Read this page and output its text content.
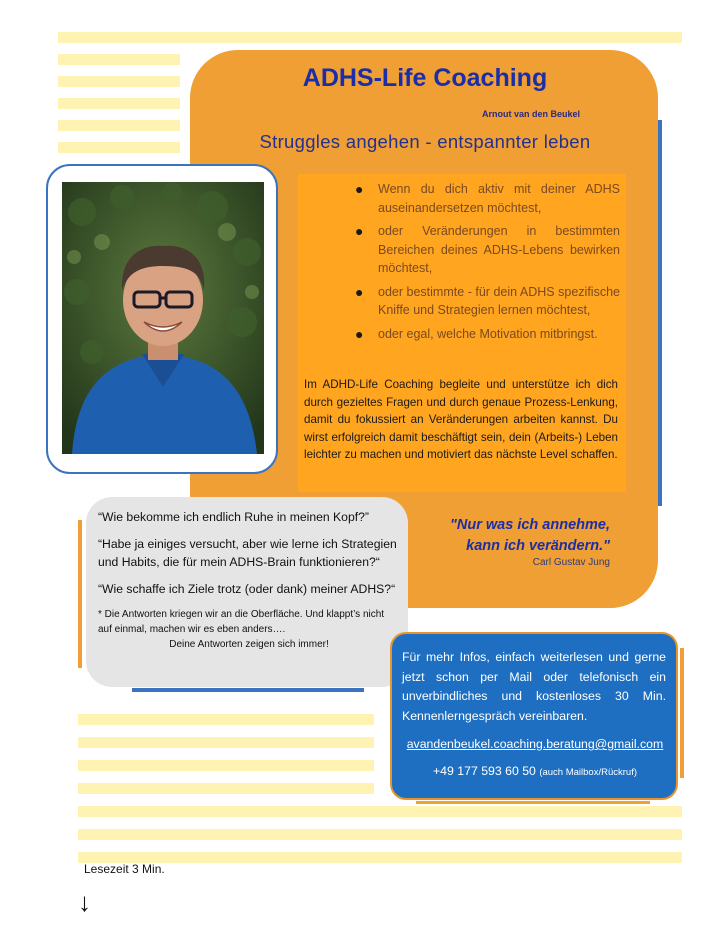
ADHS-Life Coaching
Arnout van den Beukel
Struggles angehen - entspannter leben
● Wenn du dich aktiv mit deiner ADHS auseinandersetzen möchtest,
● oder Veränderungen in bestimmten Bereichen deines ADHS-Lebens bewirken möchtest,
● oder bestimmte - für dein ADHS spezifische Kniffe und Strategien lernen möchtest,
● oder egal, welche Motivation mitbringst.
Im ADHD-Life Coaching begleite und unterstütze ich dich durch gezieltes Fragen und durch genaue Prozess-Lenkung, damit du fokussiert an Veränderungen arbeiten kannst. Du wirst erfolgreich damit beschäftigt sein, dein (Arbeits-) Leben leichter zu machen und motiviert das nächste Level schaffen.
"Nur was ich annehme,
kann ich verändern."
Carl Gustav Jung

“Wie bekomme ich endlich Ruhe in meinen Kopf?”

“Habe ja einiges versucht, aber wie lerne ich Strategien und Habits, die für mein ADHS-Brain funktionieren?“

“Wie schaffe ich Ziele trotz (oder dank) meiner ADHS?“

* Die Antworten kriegen wir an die Oberfläche. Und klappt’s nicht auf einmal, machen wir es eben anders….

Deine Antworten zeigen sich immer!

Für mehr Infos, einfach weiterlesen und gerne jetzt schon per Mail oder telefonisch ein unverbindliches und kostenloses 30 Min. Kennenlerngespräch vereinbaren.
avandenbeukel.coaching.beratung@gmail.com
+49 177 593 60 50 (auch Mailbox/Rückruf)
Lesezeit 3 Min.
↓
